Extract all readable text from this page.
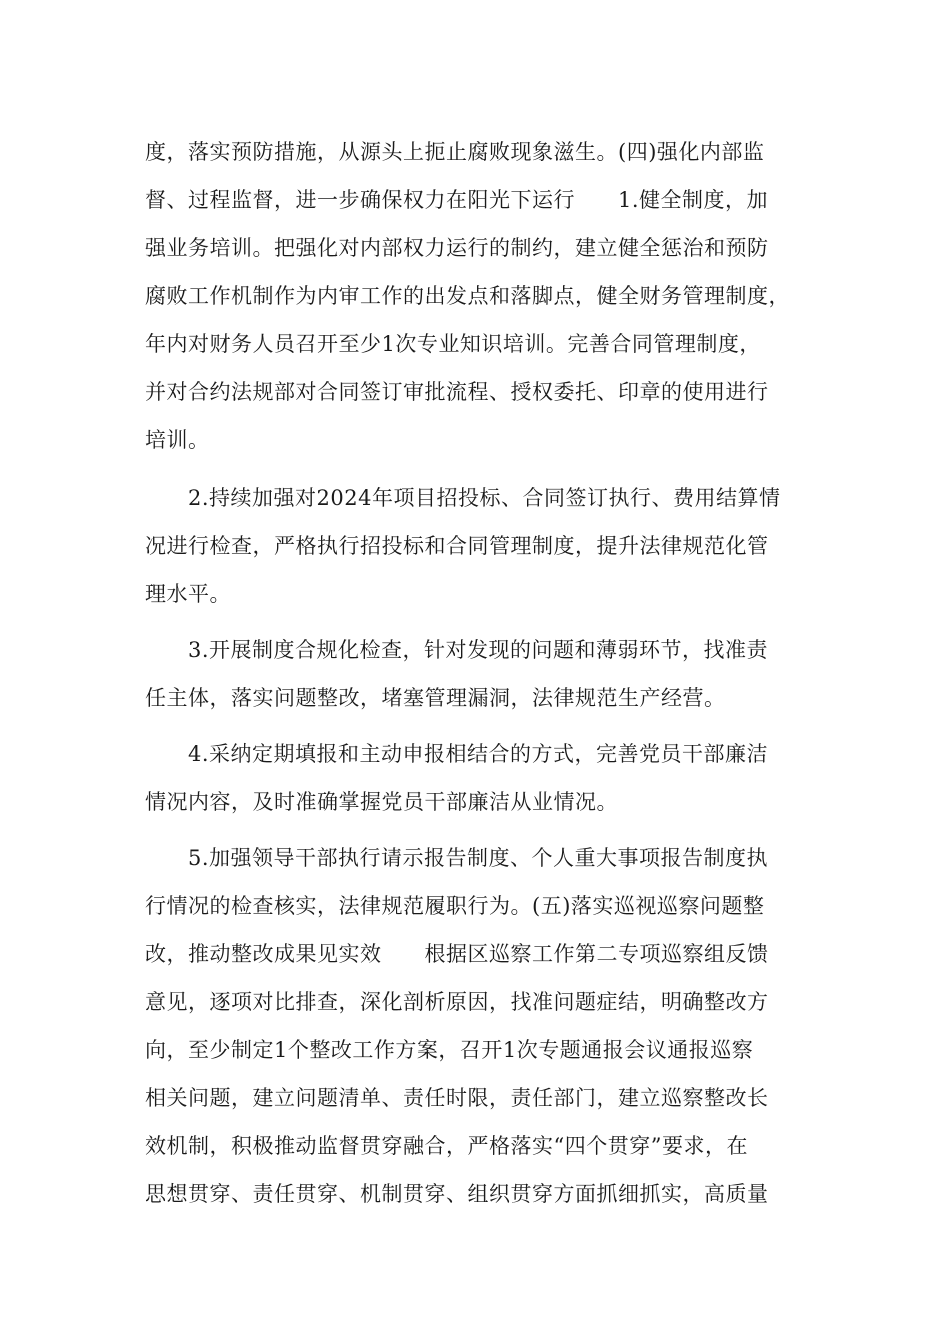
度，落实预防措施，从源头上扼止腐败现象滋生。(四)强化内部监
督、过程监督，进一步确保权力在阳光下运行　　1.健全制度，加
强业务培训。把强化对内部权力运行的制约，建立健全惩治和预防
腐败工作机制作为内审工作的出发点和落脚点，健全财务管理制度，
年内对财务人员召开至少1次专业知识培训。完善合同管理制度，
并对合约法规部对合同签订审批流程、授权委托、印章的使用进行
培训。
　　2.持续加强对2024年项目招投标、合同签订执行、费用结算情
况进行检查，严格执行招投标和合同管理制度，提升法律规范化管
理水平。
　　3.开展制度合规化检查，针对发现的问题和薄弱环节，找准责
任主体，落实问题整改，堵塞管理漏洞，法律规范生产经营。
　　4.采纳定期填报和主动申报相结合的方式，完善党员干部廉洁
情况内容，及时准确掌握党员干部廉洁从业情况。
　　5.加强领导干部执行请示报告制度、个人重大事项报告制度执
行情况的检查核实，法律规范履职行为。(五)落实巡视巡察问题整
改，推动整改成果见实效　　根据区巡察工作第二专项巡察组反馈
意见，逐项对比排查，深化剖析原因，找准问题症结，明确整改方
向，至少制定1个整改工作方案，召开1次专题通报会议通报巡察
相关问题，建立问题清单、责任时限，责任部门，建立巡察整改长
效机制，积极推动监督贯穿融合，严格落实“四个贯穿”要求，在
思想贯穿、责任贯穿、机制贯穿、组织贯穿方面抓细抓实，高质量
